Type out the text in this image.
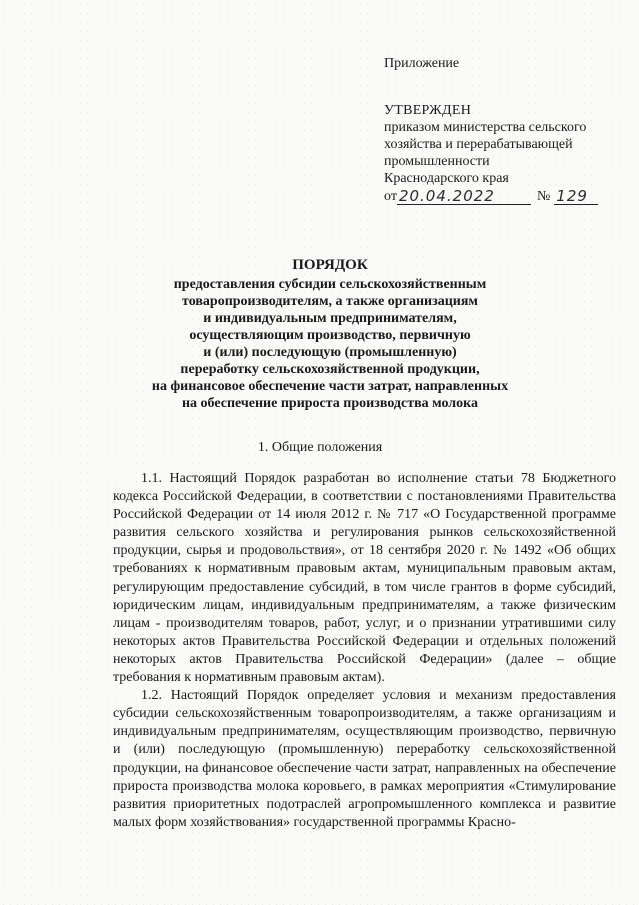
Приложение
УТВЕРЖДЕН
приказом министерства сельского
хозяйства и перерабатывающей
промышленности
Краснодарского края
от 20.04.2022	№ 129
ПОРЯДОК
предоставления субсидии сельскохозяйственным
товаропроизводителям, а также организациям
и индивидуальным предпринимателям,
осуществляющим производство, первичную
и (или) последующую (промышленную)
переработку сельскохозяйственной продукции,
на финансовое обеспечение части затрат, направленных
на обеспечение прироста производства молока
1. Общие положения

1.1. Настоящий Порядок разработан во исполнение статьи 78 Бюджетного кодекса Российской Федерации, в соответствии с постановлениями Правительства Российской Федерации от 14 июля 2012 г. № 717 «О Государственной программе развития сельского хозяйства и регулирования рынков сельскохозяйственной продукции, сырья и продовольствия», от 18 сентября 2020 г. № 1492 «Об общих требованиях к нормативным правовым актам, муниципальным правовым актам, регулирующим предоставление субсидий, в том числе грантов в форме субсидий, юридическим лицам, индивидуальным предпринимателям, а также физическим лицам - производителям товаров, работ, услуг, и о признании утратившими силу некоторых актов Правительства Российской Федерации и отдельных положений некоторых актов Правительства Российской Федерации» (далее – общие требования к нормативным правовым актам).

1.2. Настоящий Порядок определяет условия и механизм предоставления субсидии сельскохозяйственным товаропроизводителям, а также организациям и индивидуальным предпринимателям, осуществляющим производство, первичную и (или) последующую (промышленную) переработку сельскохозяйственной продукции, на финансовое обеспечение части затрат, направленных на обеспечение прироста производства молока коровьего, в рамках мероприятия «Стимулирование развития приоритетных подотраслей агропромышленного комплекса и развитие малых форм хозяйствования» государственной программы Красно-
